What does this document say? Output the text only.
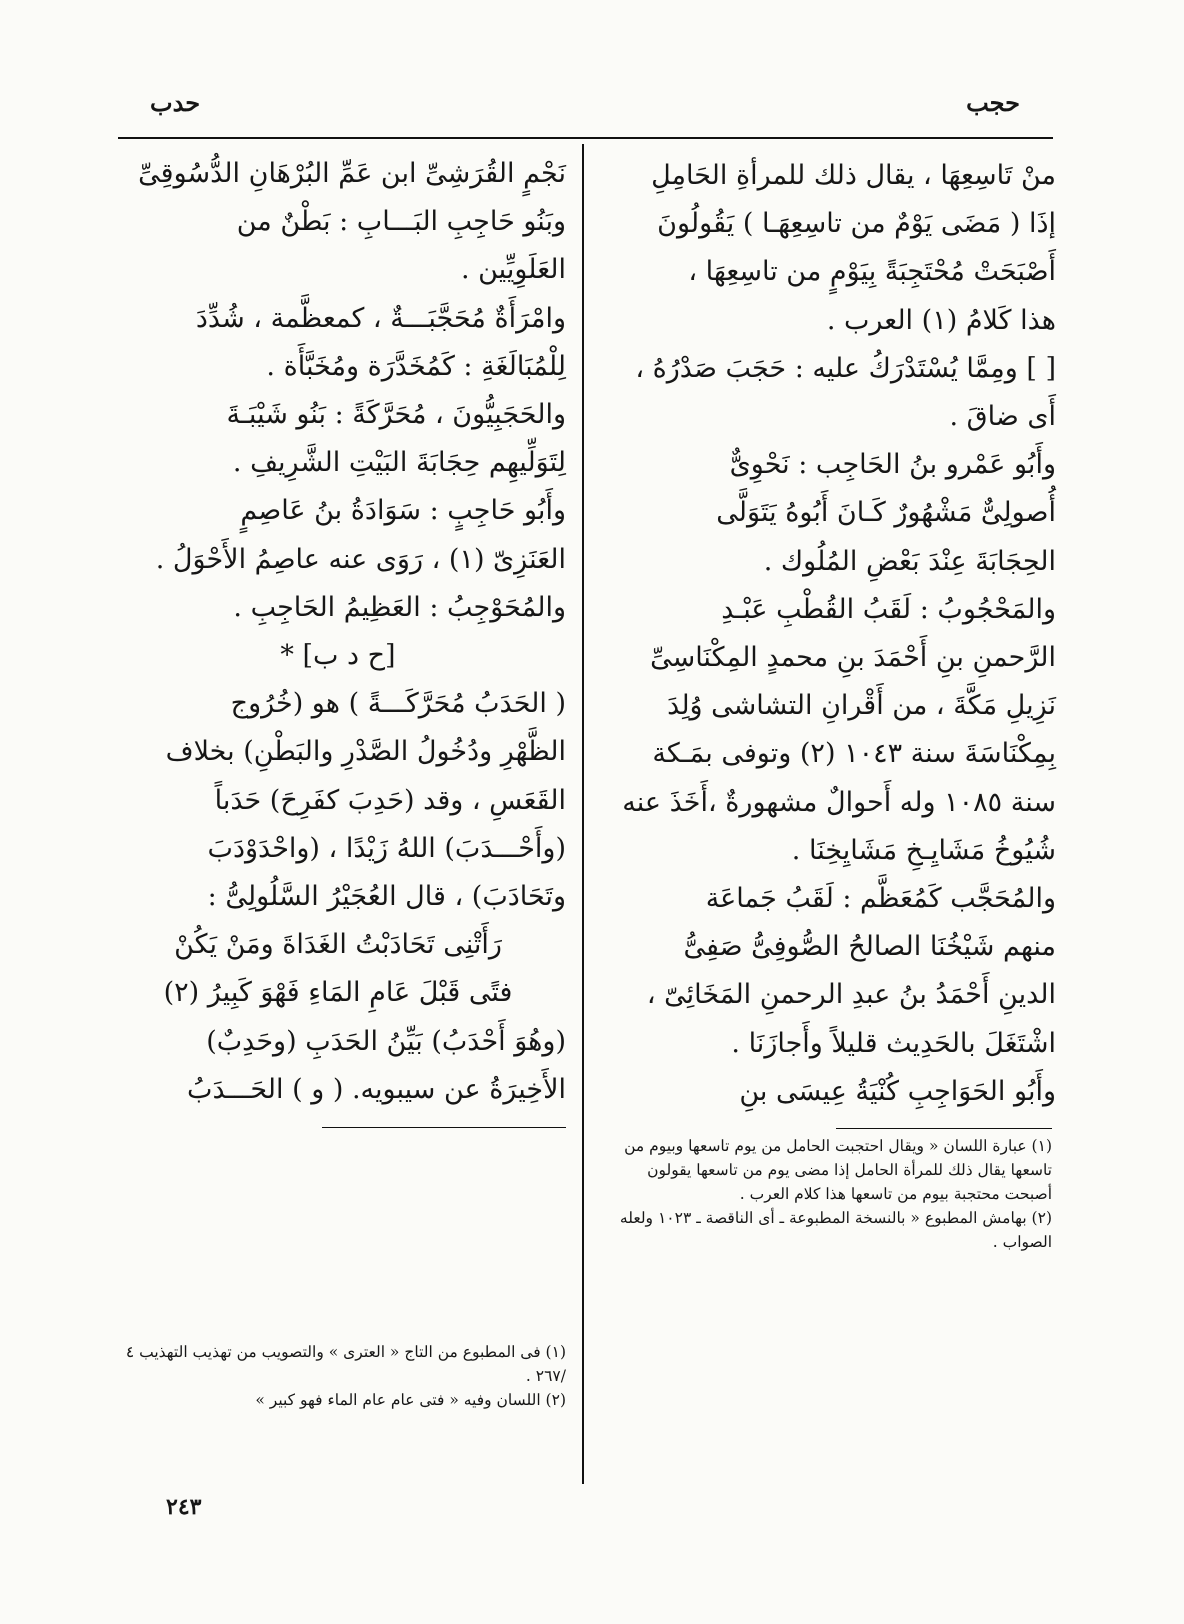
حجب
حدب

منْ تَاسِعِهَا ، يقال ذلك للمرأةِ الحَامِلِ

إذَا ( مَضَى يَوْمٌ من تاسِعِهَـا ) يَقُولُونَ

أَصْبَحَتْ مُحْتَجِبَةً بِيَوْمٍ من تاسِعِهَا ،

هذا كَلامُ (١) العرب .

[ ] ومِمَّا يُسْتَدْرَكُ عليه : حَجَبَ صَدْرُهُ ،

أَى ضاقَ .

وأَبُو عَمْرو بنُ الحَاجِب : نَحْوِىٌّ

أُصولِىٌّ مَشْهُورٌ كَـانَ أَبُوهُ يَتَوَلَّى

الحِجَابَةَ عِنْدَ بَعْضِ المُلُوك .

والمَحْجُوبُ : لَقَبُ القُطْبِ عَبْـدِ

الرَّحمنِ بنِ أَحْمَدَ بنِ محمدٍ المِكْنَاسِىِّ

نَزِيلِ مَكَّةَ ، من أَقْرانِ التشاشى وُلِدَ

بِمِكْنَاسَةَ سنة ١٠٤٣ (٢) وتوفى بمَـكة

سنة ١٠٨٥ وله أَحوالٌ مشهورةٌ ،أَخَذَ عنه

شُيُوخُ مَشَايِـخِ مَشَايِخِنَا .

والمُحَجَّب كَمُعَظَّم : لَقَبُ جَماعَة

منهم شَيْخُنَا الصالحُ الصُّوفِىُّ صَفِىُّ

الدينِ أَحْمَدُ بنُ عبدِ الرحمنِ المَخَائِىّ ،

اشْتَغَلَ بالحَدِيث قليلاً وأَجازَنَا .

وأَبُو الحَوَاجِبِ كُنْيَةُ عِيسَى بنِ

نَجْمٍ القُرَشِىِّ ابن عَمِّ البُرْهَانِ الدُّسُوقِىِّ

وبَنُو حَاجِبِ البَـــابِ : بَطْنٌ من

العَلَوِيِّين .

وامْرَأَةٌ مُحَجَّبَـــةٌ ، كمعظَّمة ، شُدِّدَ

لِلْمُبَالَغَةِ : كَمُخَدَّرَة ومُخَبَّأَة .

والحَجَبِيُّونَ ، مُحَرَّكَةً : بَنُو شَيْبَـةَ

لِتَوَلِّيهِم حِجَابَةَ البَيْتِ الشَّرِيفِ .

وأَبُو حَاجِبٍ : سَوَادَةُ بنُ عَاصِمٍ

العَنَزِىّ (١) ، رَوَى عنه عاصِمُ الأَحْوَلُ .

والمُحَوْجِبُ : العَظِيمُ الحَاجِبِ .

[ح د ب] *

( الحَدَبُ مُحَرَّكَـــةً ) هو (خُرُوج

الظَّهْرِ ودُخُولُ الصَّدْرِ والبَطْنِ) بخلاف

القَعَسِ ، وقد (حَدِبَ كفَرِحَ) حَدَباً

(وأَحْـــدَبَ) اللهُ زَيْدًا ، (واحْدَوْدَبَ

وتَحَادَبَ) ، قال العُجَيْرُ السَّلُولِىُّ :

رَأَتْنِى تَحَادَبْتُ الغَدَاةَ ومَنْ يَكُنْ

فتًى قَبْلَ عَامِ المَاءِ فَهْوَ كَبِيرُ (٢)

(وهُوَ أَحْدَبُ) بَيِّنُ الحَدَبِ (وحَدِبٌ)

الأَخِيرَةُ عن سيبويه. ( و ) الحَـــدَبُ

(١) عبارة اللسان « ويقال احتجبت الحامل من يوم تاسعها وبيوم من تاسعها يقال ذلك للمرأة الحامل إذا مضى يوم من تاسعها يقولون أصبحت محتجبة بيوم من تاسعها هذا كلام العرب .

(٢) بهامش المطبوع « بالنسخة المطبوعة ـ أى الناقصة ـ ١٠٢٣ ولعله الصواب .

(١) فى المطبوع من التاج « العترى » والتصويب من تهذيب التهذيب ٤ /٢٦٧ .

(٢) اللسان وفيه « فتى عام عام الماء فهو كبير »

٢٤٣
